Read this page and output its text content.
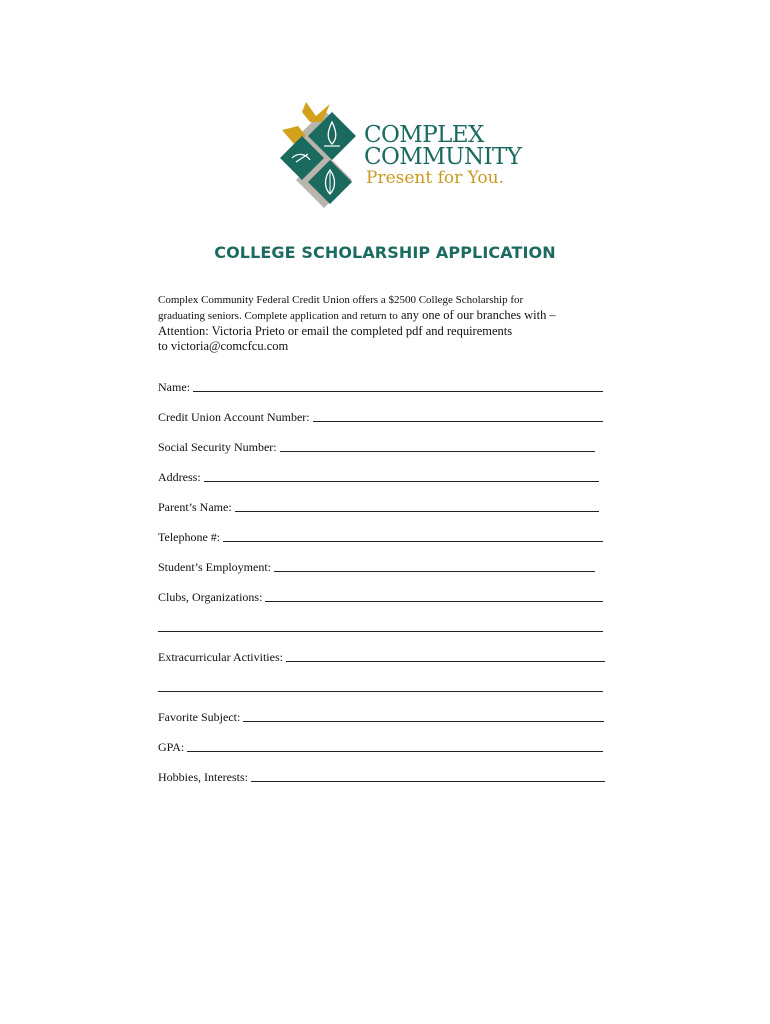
COMPLEX
COMMUNITY
Present for You.
COLLEGE SCHOLARSHIP APPLICATION
Complex Community Federal Credit Union offers a $2500 College Scholarship for
graduating seniors. Complete application and return to any one of our branches with –
Attention: Victoria Prieto or email the completed pdf and requirements
to victoria@comcfcu.com
Name:
Credit Union Account Number:
Social Security Number:
Address:
Parent’s Name:
Telephone #:
Student’s Employment:
Clubs, Organizations:
Extracurricular Activities:
Favorite Subject:
GPA:
Hobbies, Interests:
